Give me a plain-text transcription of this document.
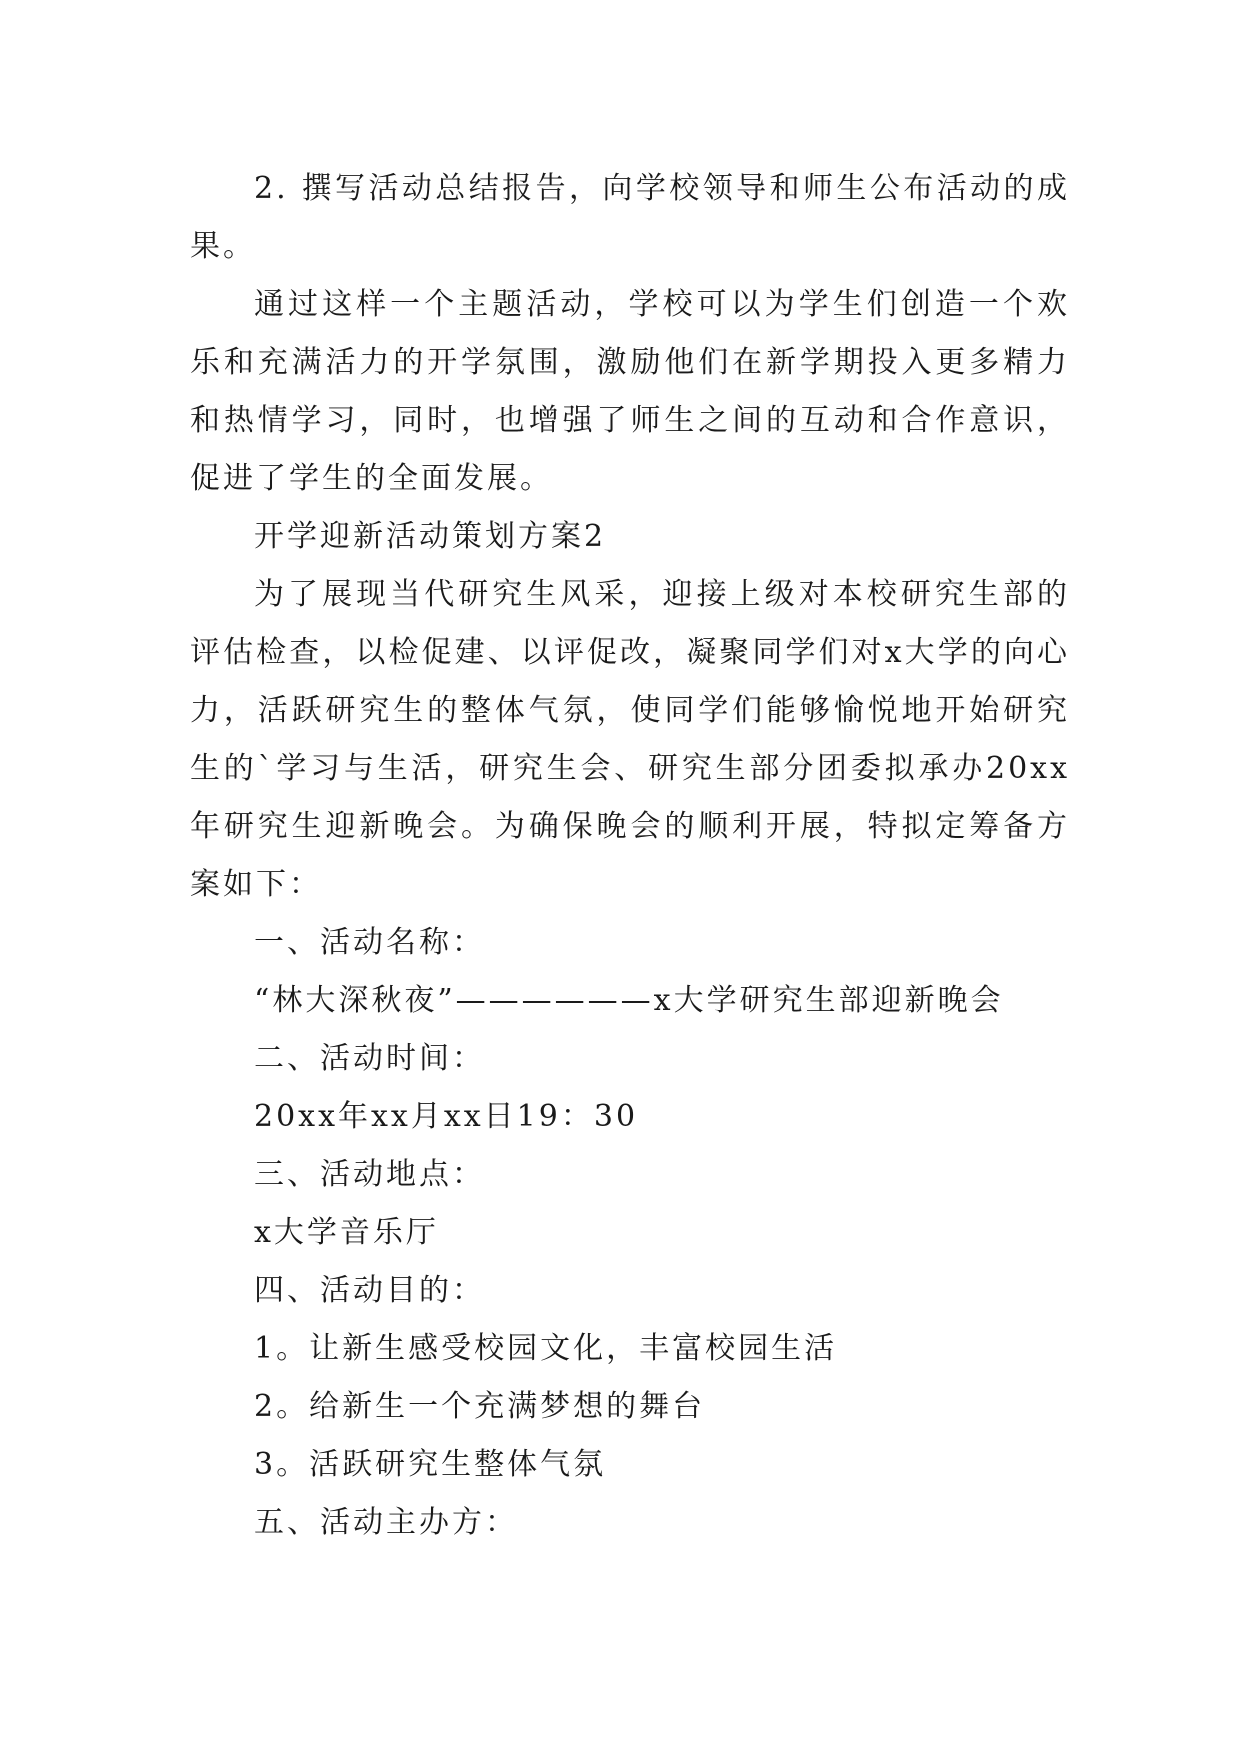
2. 撰写活动总结报告，向学校领导和师生公布活动的成果。

通过这样一个主题活动，学校可以为学生们创造一个欢乐和充满活力的开学氛围，激励他们在新学期投入更多精力和热情学习，同时，也增强了师生之间的互动和合作意识，促进了学生的全面发展。

开学迎新活动策划方案2

为了展现当代研究生风采，迎接上级对本校研究生部的评估检查，以检促建、以评促改，凝聚同学们对x大学的向心力，活跃研究生的整体气氛，使同学们能够愉悦地开始研究生的`学习与生活，研究生会、研究生部分团委拟承办20xx年研究生迎新晚会。为确保晚会的顺利开展，特拟定筹备方案如下：

一、活动名称：

“林大深秋夜”——————x大学研究生部迎新晚会

二、活动时间：

20xx年xx月xx日19：30

三、活动地点：

x大学音乐厅

四、活动目的：

1。让新生感受校园文化，丰富校园生活

2。给新生一个充满梦想的舞台

3。活跃研究生整体气氛

五、活动主办方：
